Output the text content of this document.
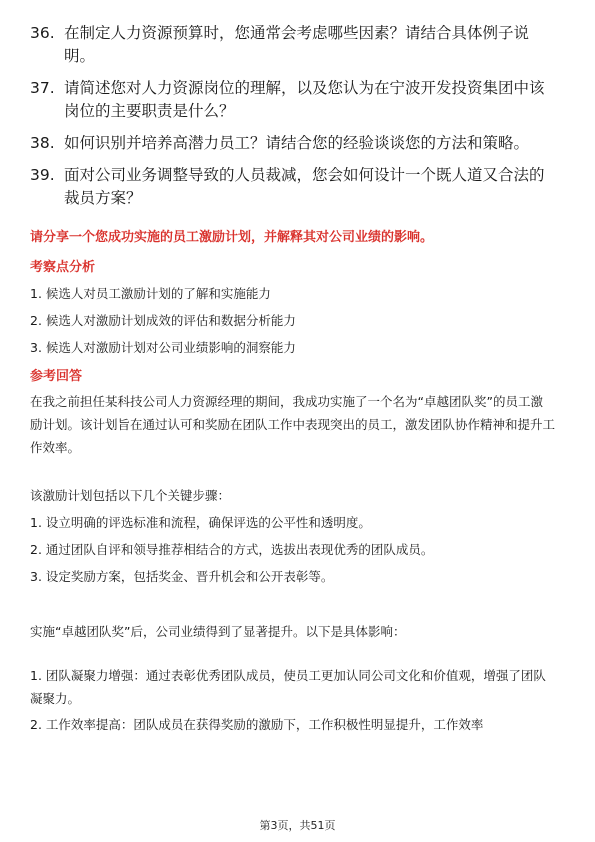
36. 在制定人力资源预算时，您通常会考虑哪些因素？请结合具体例子说明。
37. 请简述您对人力资源岗位的理解，以及您认为在宁波开发投资集团中该岗位的主要职责是什么？
38. 如何识别并培养高潜力员工？请结合您的经验谈谈您的方法和策略。
39. 面对公司业务调整导致的人员裁减，您会如何设计一个既人道又合法的裁员方案？
请分享一个您成功实施的员工激励计划，并解释其对公司业绩的影响。
考察点分析
1. 候选人对员工激励计划的了解和实施能力
2. 候选人对激励计划成效的评估和数据分析能力
3. 候选人对激励计划对公司业绩影响的洞察能力
参考回答
在我之前担任某科技公司人力资源经理的期间，我成功实施了一个名为“卓越团队奖”的员工激励计划。该计划旨在通过认可和奖励在团队工作中表现突出的员工，激发团队协作精神和提升工作效率。
该激励计划包括以下几个关键步骤：
1. 设立明确的评选标准和流程，确保评选的公平性和透明度。
2. 通过团队自评和领导推荐相结合的方式，选拔出表现优秀的团队成员。
3. 设定奖励方案，包括奖金、晋升机会和公开表彰等。
实施“卓越团队奖”后，公司业绩得到了显著提升。以下是具体影响：
1. 团队凝聚力增强：通过表彰优秀团队成员，使员工更加认同公司文化和价值观，增强了团队凝聚力。
2. 工作效率提高：团队成员在获得奖励的激励下，工作积极性明显提升，工作效率
第3页，共51页
